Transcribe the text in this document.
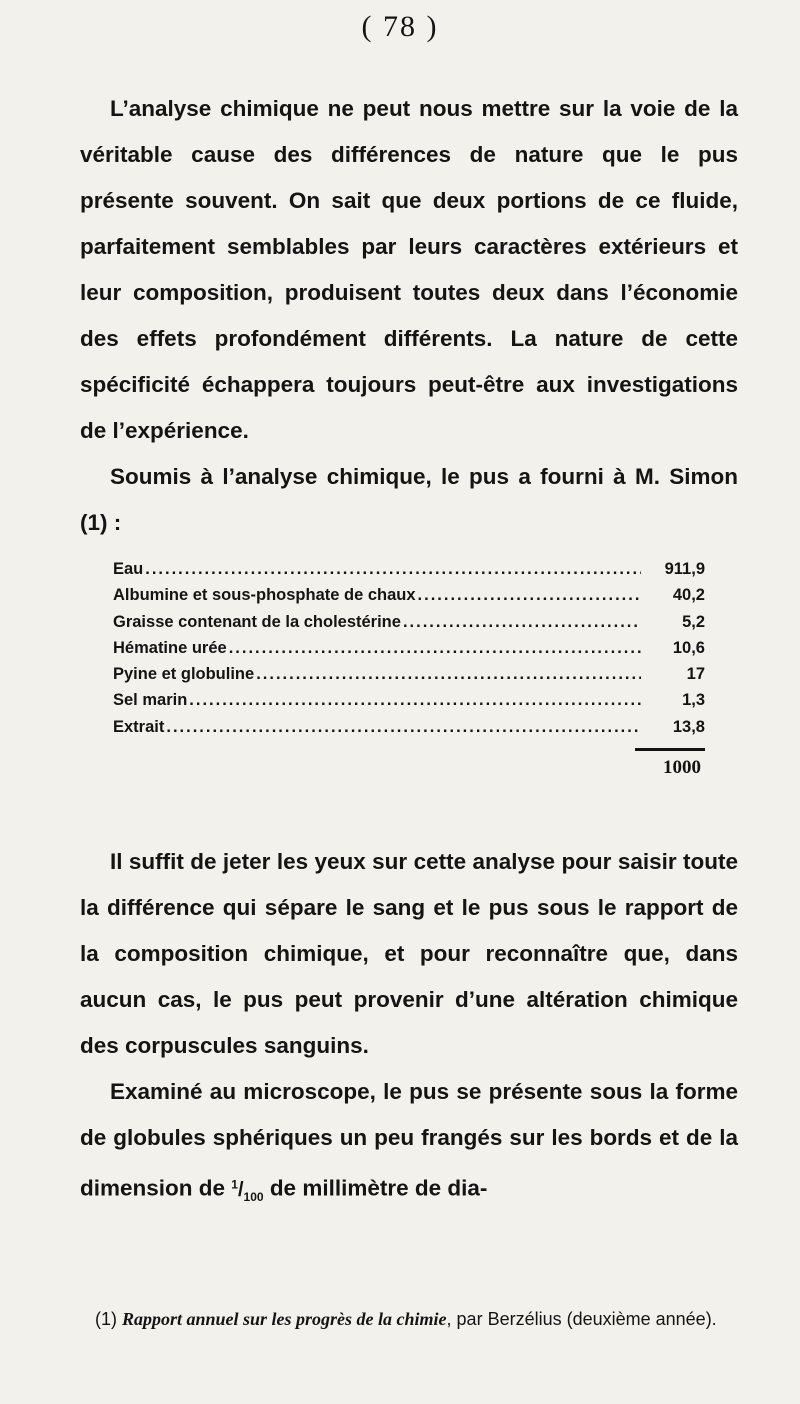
( 78 )

L’analyse chimique ne peut nous mettre sur la voie de la véritable cause des différences de nature que le pus présente souvent. On sait que deux portions de ce fluide, parfaitement semblables par leurs caractères extérieurs et leur composition, produisent toutes deux dans l’économie des effets profondément différents. La nature de cette spécificité échappera toujours peut-être aux investigations de l’expérience.

Soumis à l’analyse chimique, le pus a fourni à M. Simon (1) :

Eau .....	911,9
Albumine et sous-phosphate de chaux .....	40,2
Graisse contenant de la cholestérine .....	5,2
Hématine urée .....	10,6
Pyine et globuline .....	17
Sel marin .....	1,3
Extrait .....	13,8
1000

Il suffit de jeter les yeux sur cette analyse pour saisir toute la différence qui sépare le sang et le pus sous le rapport de la composition chimique, et pour reconnaître que, dans aucun cas, le pus peut provenir d’une altération chimique des corpuscules sanguins.

Examiné au microscope, le pus se présente sous la forme de globules sphériques un peu frangés sur les bords et de la dimension de $^1/_{100}$ de millimètre de dia-

(1) Rapport annuel sur les progrès de la chimie, par Berzélius (deuxième année).
